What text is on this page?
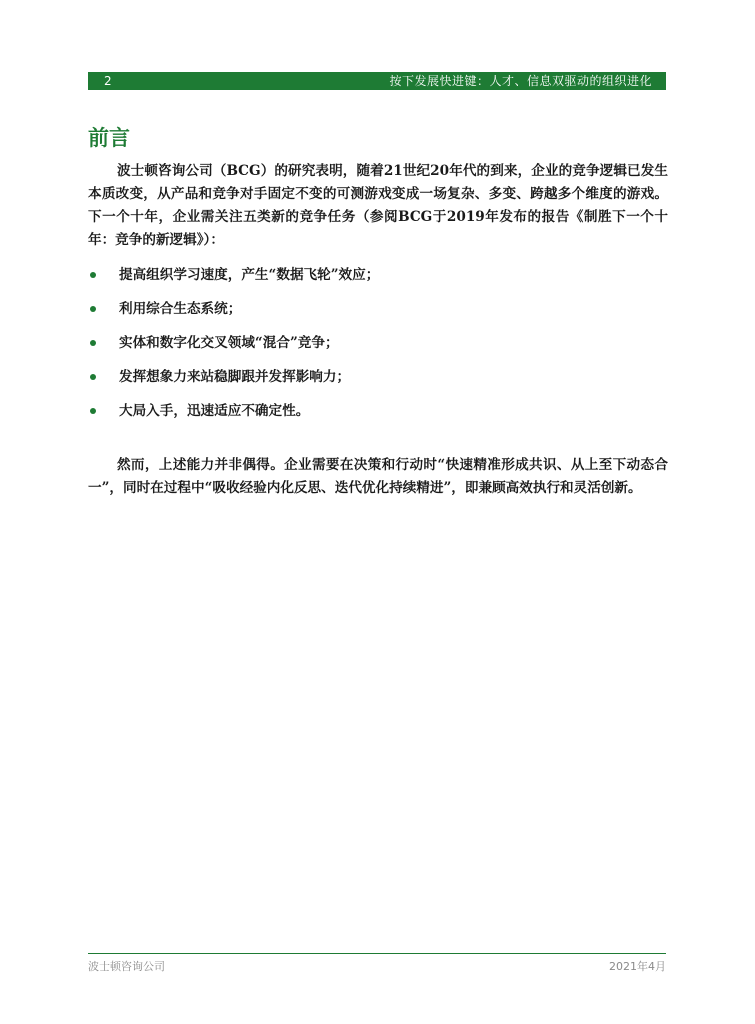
2	按下发展快进键：人才、信息双驱动的组织进化
前言

波士顿咨询公司（BCG）的研究表明，随着21世纪20年代的到来，企业的竞争逻辑已发生本质改变，从产品和竞争对手固定不变的可测游戏变成一场复杂、多变、跨越多个维度的游戏。下一个十年，企业需关注五类新的竞争任务（参阅BCG于2019年发布的报告《制胜下一个十年：竞争的新逻辑》）：

提高组织学习速度，产生“数据飞轮”效应；
利用综合生态系统；
实体和数字化交叉领域“混合”竞争；
发挥想象力来站稳脚跟并发挥影响力；
大局入手，迅速适应不确定性。

然而，上述能力并非偶得。企业需要在决策和行动时“快速精准形成共识、从上至下动态合一”，同时在过程中“吸收经验内化反思、迭代优化持续精进”，即兼顾高效执行和灵活创新。

波士顿咨询公司	2021年4月
